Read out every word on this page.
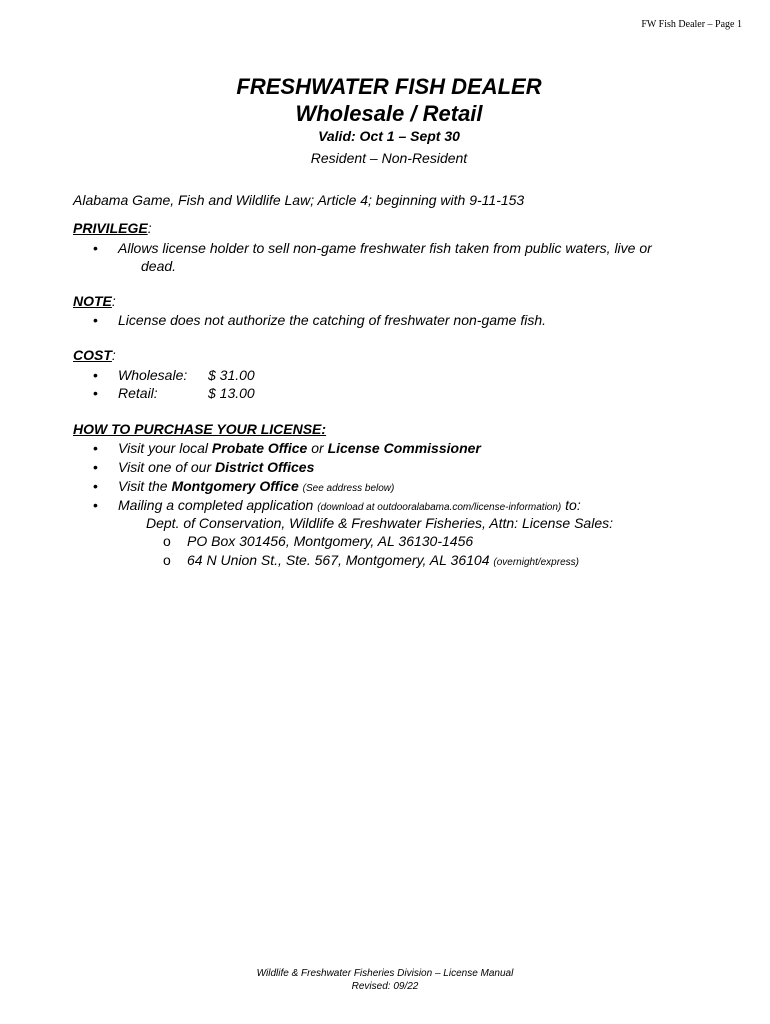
FW Fish Dealer – Page 1
FRESHWATER FISH DEALER
Wholesale / Retail
Valid: Oct 1 – Sept 30
Resident – Non-Resident
Alabama Game, Fish and Wildlife Law; Article 4; beginning with 9-11-153
PRIVILEGE:
• Allows license holder to sell non-game freshwater fish taken from public waters, live or
dead.
NOTE:
• License does not authorize the catching of freshwater non-game fish.
COST:
• Wholesale: $ 31.00
• Retail:	$ 13.00
HOW TO PURCHASE YOUR LICENSE:
• Visit your local Probate Office or License Commissioner
• Visit one of our District Offices
• Visit the Montgomery Office (See address below)
• Mailing a completed application (download at outdooralabama.com/license-information) to:
Dept. of Conservation, Wildlife & Freshwater Fisheries, Attn: License Sales:
o PO Box 301456, Montgomery, AL 36130-1456
o 64 N Union St., Ste. 567, Montgomery, AL 36104 (overnight/express)
Wildlife & Freshwater Fisheries Division – License Manual
Revised: 09/22
